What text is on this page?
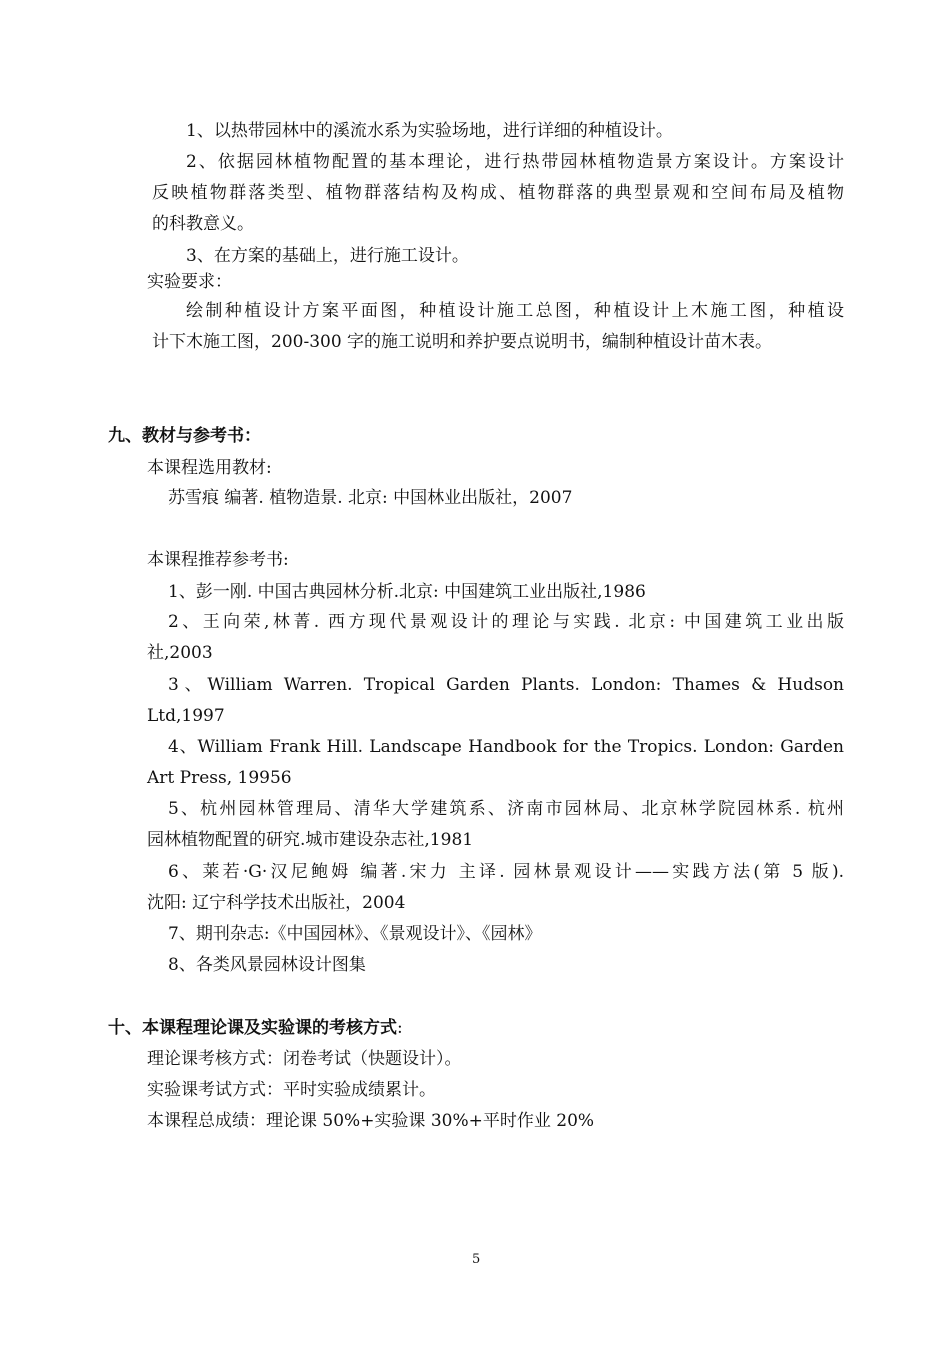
1、以热带园林中的溪流水系为实验场地，进行详细的种植设计。
2、依据园林植物配置的基本理论，进行热带园林植物造景方案设计。方案设计
反映植物群落类型、植物群落结构及构成、植物群落的典型景观和空间布局及植物
的科教意义。
3、在方案的基础上，进行施工设计。
实验要求：
绘制种植设计方案平面图，种植设计施工总图，种植设计上木施工图，种植设
计下木施工图，200-300 字的施工说明和养护要点说明书，编制种植设计苗木表。
九、教材与参考书：
本课程选用教材:
苏雪痕 编著. 植物造景. 北京: 中国林业出版社，2007
本课程推荐参考书:
1、彭一刚. 中国古典园林分析.北京: 中国建筑工业出版社,1986
2、王向荣,林菁. 西方现代景观设计的理论与实践. 北京: 中国建筑工业出版
社,2003
3、William Warren. Tropical Garden Plants. London: Thames & Hudson
Ltd,1997
4、William Frank Hill. Landscape Handbook for the Tropics. London: Garden
Art Press, 19956
5、杭州园林管理局、清华大学建筑系、济南市园林局、北京林学院园林系. 杭州
园林植物配置的研究.城市建设杂志社,1981
6、莱若·G·汉尼鲍姆 编著.宋力 主译. 园林景观设计——实践方法(第 5 版).
沈阳: 辽宁科学技术出版社，2004
7、期刊杂志:《中国园林》、《景观设计》、《园林》
8、各类风景园林设计图集
十、本课程理论课及实验课的考核方式:
理论课考核方式：闭卷考试（快题设计）。
实验课考试方式：平时实验成绩累计。
本课程总成绩：理论课 50%+实验课 30%+平时作业 20%
5
